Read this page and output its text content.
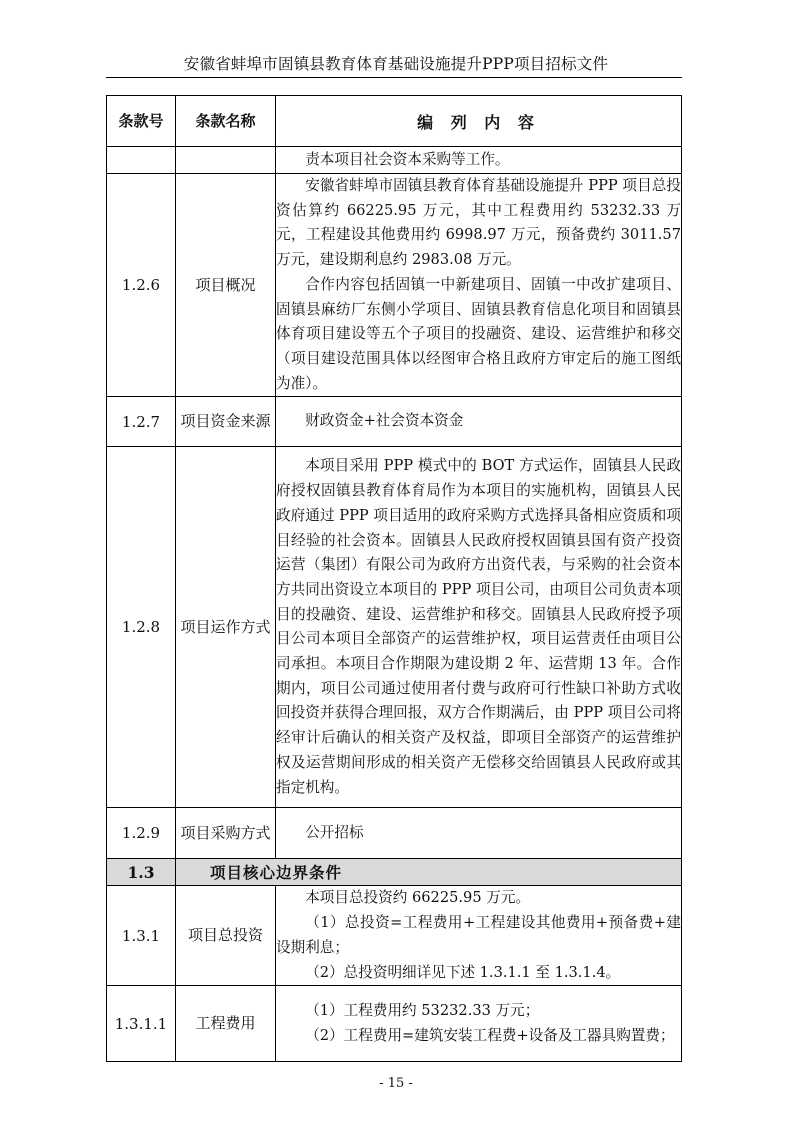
安徽省蚌埠市固镇县教育体育基础设施提升PPP项目招标文件
条款号	条款名称	编 列 内 容

		责本项目社会资本采购等工作。

1.2.6	项目概况	安徽省蚌埠市固镇县教育体育基础设施提升 PPP 项目总投资估算约 66225.95 万元，其中工程费用约 53232.33 万元，工程建设其他费用约 6998.97 万元，预备费约 3011.57 万元，建设期利息约 2983.08 万元。

合作内容包括固镇一中新建项目、固镇一中改扩建项目、固镇县麻纺厂东侧小学项目、固镇县教育信息化项目和固镇县体育项目建设等五个子项目的投融资、建设、运营维护和移交（项目建设范围具体以经图审合格且政府方审定后的施工图纸为准）。

1.2.7	项目资金来源	财政资金+社会资本资金

1.2.8	项目运作方式	本项目采用 PPP 模式中的 BOT 方式运作，固镇县人民政府授权固镇县教育体育局作为本项目的实施机构，固镇县人民政府通过 PPP 项目适用的政府采购方式选择具备相应资质和项目经验的社会资本。固镇县人民政府授权固镇县国有资产投资运营（集团）有限公司为政府方出资代表，与采购的社会资本方共同出资设立本项目的 PPP 项目公司，由项目公司负责本项目的投融资、建设、运营维护和移交。固镇县人民政府授予项目公司本项目全部资产的运营维护权，项目运营责任由项目公司承担。本项目合作期限为建设期 2 年、运营期 13 年。合作期内，项目公司通过使用者付费与政府可行性缺口补助方式收回投资并获得合理回报，双方合作期满后，由 PPP 项目公司将经审计后确认的相关资产及权益，即项目全部资产的运营维护权及运营期间形成的相关资产无偿移交给固镇县人民政府或其指定机构。

1.2.9	项目采购方式	公开招标

1.3	项目核心边界条件	
1.3.1	项目总投资	本项目总投资约 66225.95 万元。

（1）总投资=工程费用+工程建设其他费用+预备费+建设期利息；

（2）总投资明细详见下述 1.3.1.1 至 1.3.1.4。

1.3.1.1	工程费用	（1）工程费用约 53232.33 万元；

（2）工程费用=建筑安装工程费+设备及工器具购置费；

- 15 -
